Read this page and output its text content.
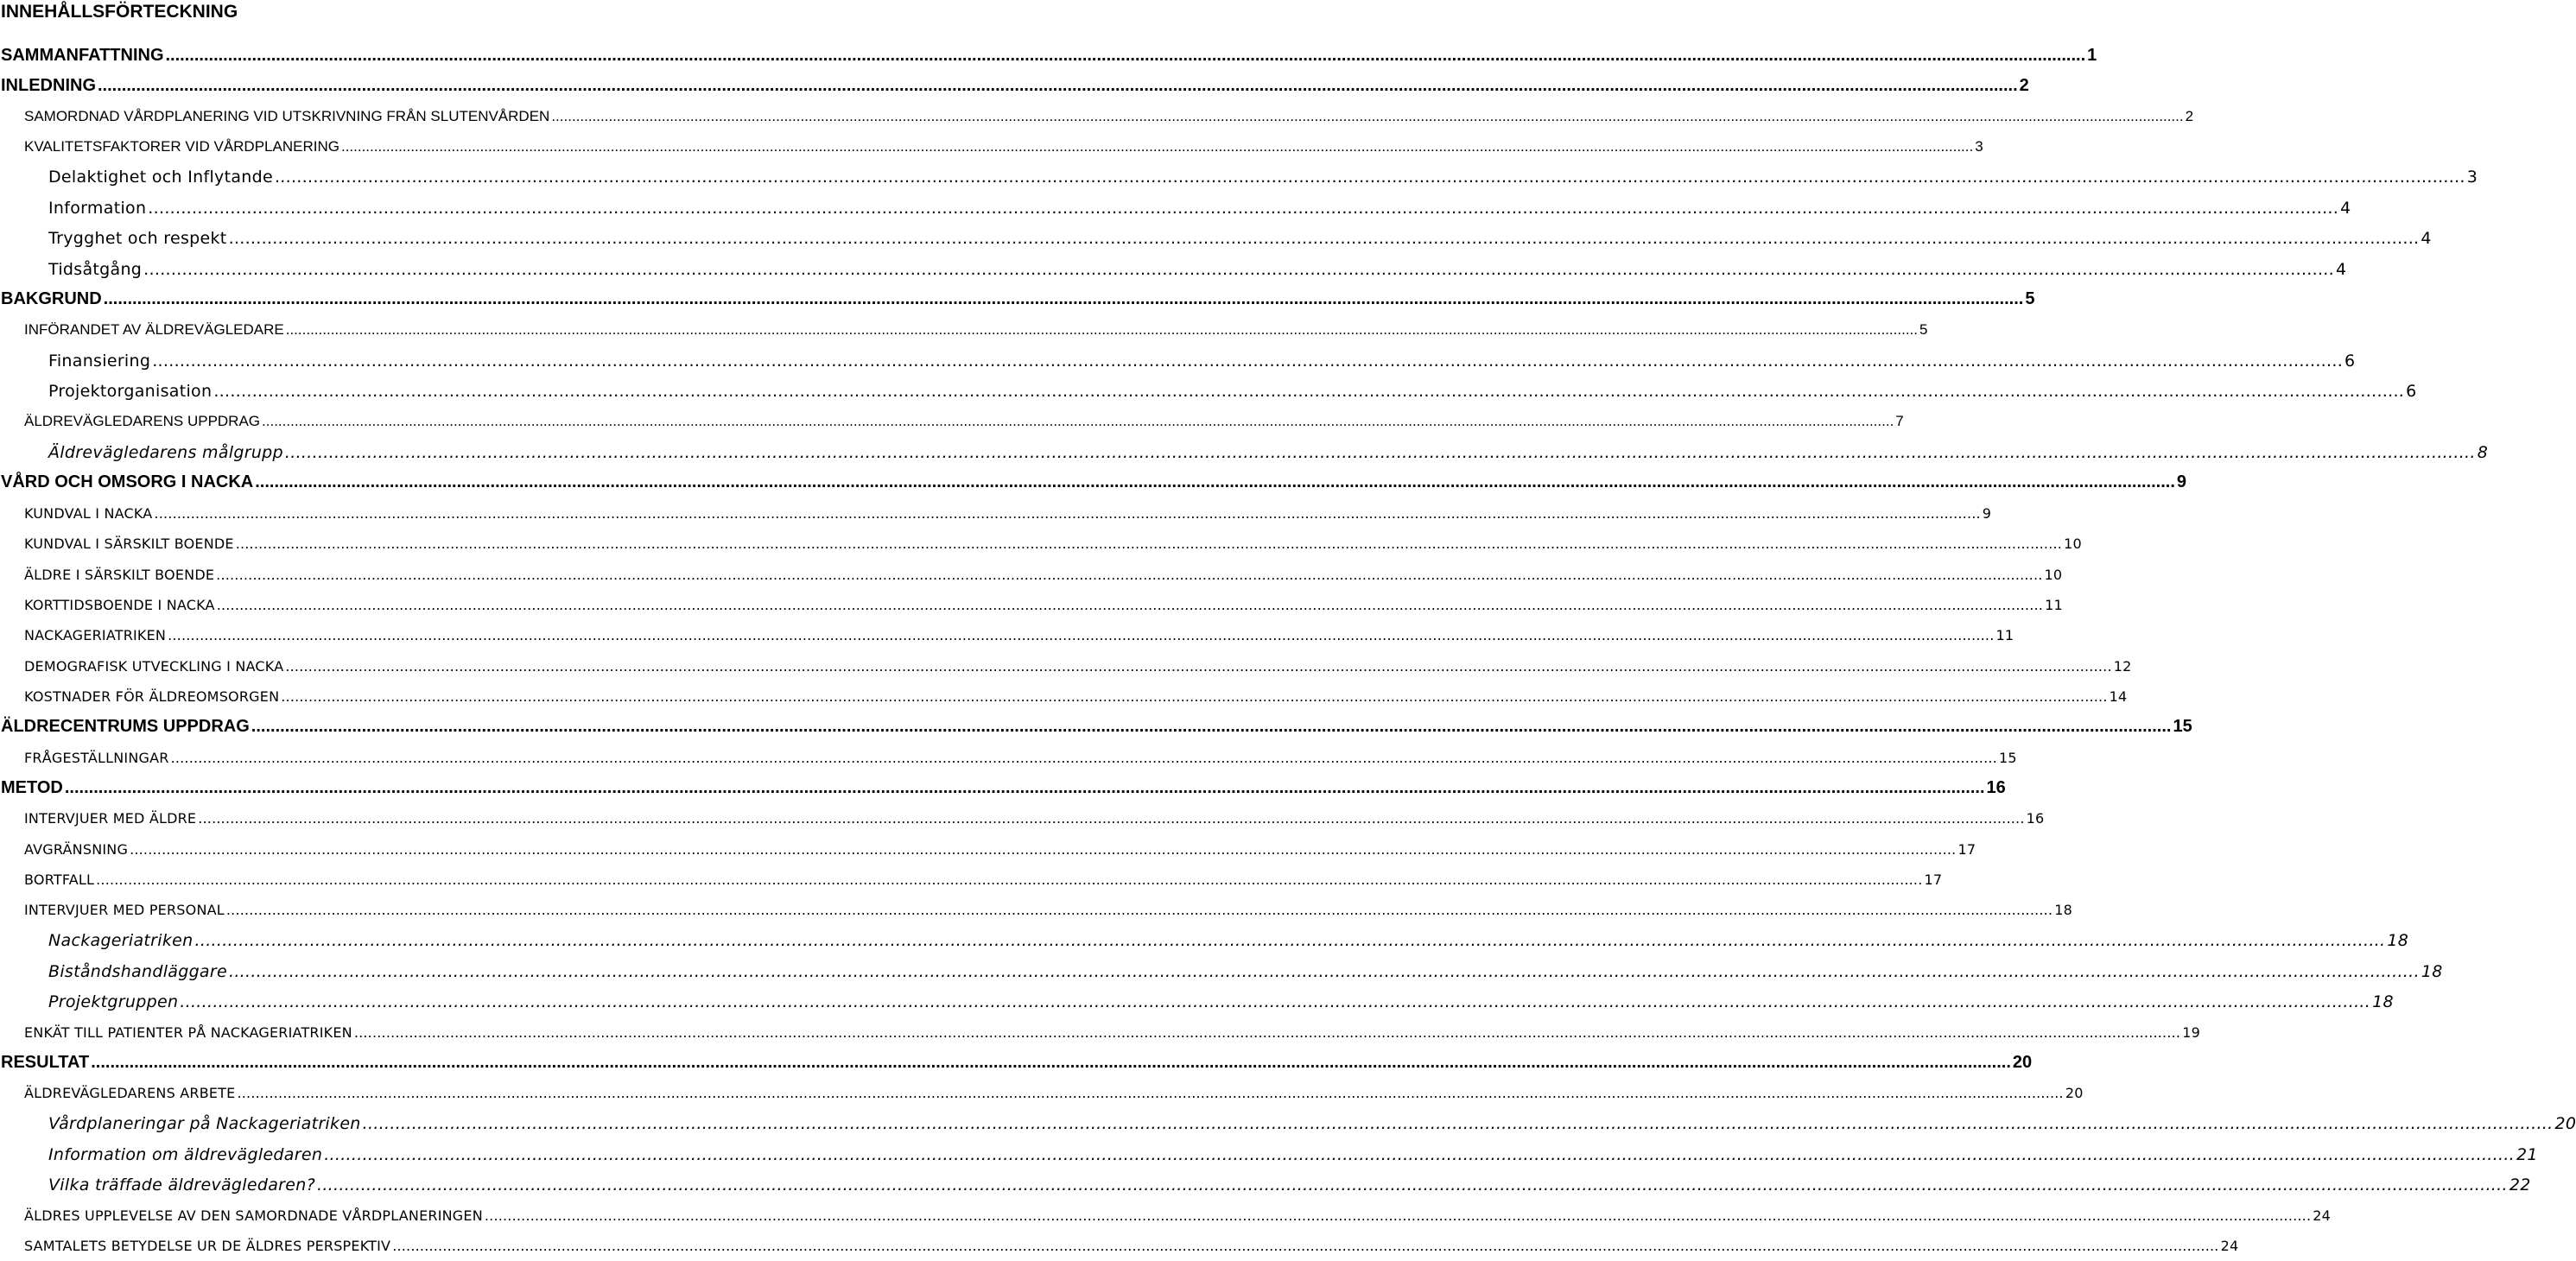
INNEHÅLLSFÖRTECKNING
SAMMANFATTNING ................................................................................................................................................................................................................................................................................................................................................................................................................ 1
INLEDNING ................................................................................................................................................................................................................................................................................................................................................................................................................ 2
SAMORDNAD VÅRDPLANERING VID UTSKRIVNING FRÅN SLUTENVÅRDEN ................................................................................................................................................................................................................................................................................................................................................................................................................ 2
KVALITETSFAKTORER VID VÅRDPLANERING ................................................................................................................................................................................................................................................................................................................................................................................................................ 3
Delaktighet och Inflytande ................................................................................................................................................................................................................................................................................................................................................................................................................ 3
Information ................................................................................................................................................................................................................................................................................................................................................................................................................ 4
Trygghet och respekt ................................................................................................................................................................................................................................................................................................................................................................................................................ 4
Tidsåtgång ................................................................................................................................................................................................................................................................................................................................................................................................................ 4
BAKGRUND ................................................................................................................................................................................................................................................................................................................................................................................................................ 5
INFÖRANDET AV ÄLDREVÄGLEDARE ................................................................................................................................................................................................................................................................................................................................................................................................................ 5
Finansiering ................................................................................................................................................................................................................................................................................................................................................................................................................ 6
Projektorganisation ................................................................................................................................................................................................................................................................................................................................................................................................................ 6
ÄLDREVÄGLEDARENS UPPDRAG ................................................................................................................................................................................................................................................................................................................................................................................................................ 7
Äldrevägledarens målgrupp ................................................................................................................................................................................................................................................................................................................................................................................................................ 8
VÅRD OCH OMSORG I NACKA ................................................................................................................................................................................................................................................................................................................................................................................................................ 9
KUNDVAL I NACKA ................................................................................................................................................................................................................................................................................................................................................................................................................ 9
KUNDVAL I SÄRSKILT BOENDE ................................................................................................................................................................................................................................................................................................................................................................................................................ 10
ÄLDRE I SÄRSKILT BOENDE ................................................................................................................................................................................................................................................................................................................................................................................................................ 10
KORTTIDSBOENDE I NACKA ................................................................................................................................................................................................................................................................................................................................................................................................................ 11
NACKAGERIATRIKEN ................................................................................................................................................................................................................................................................................................................................................................................................................ 11
DEMOGRAFISK UTVECKLING I NACKA ................................................................................................................................................................................................................................................................................................................................................................................................................ 12
KOSTNADER FÖR ÄLDREOMSORGEN ................................................................................................................................................................................................................................................................................................................................................................................................................ 14
ÄLDRECENTRUMS UPPDRAG ................................................................................................................................................................................................................................................................................................................................................................................................................ 15
FRÅGESTÄLLNINGAR ................................................................................................................................................................................................................................................................................................................................................................................................................ 15
METOD ................................................................................................................................................................................................................................................................................................................................................................................................................ 16
INTERVJUER MED ÄLDRE ................................................................................................................................................................................................................................................................................................................................................................................................................ 16
AVGRÄNSNING ................................................................................................................................................................................................................................................................................................................................................................................................................ 17
BORTFALL ................................................................................................................................................................................................................................................................................................................................................................................................................ 17
INTERVJUER MED PERSONAL ................................................................................................................................................................................................................................................................................................................................................................................................................ 18
Nackageriatriken ................................................................................................................................................................................................................................................................................................................................................................................................................ 18
Biståndshandläggare ................................................................................................................................................................................................................................................................................................................................................................................................................ 18
Projektgruppen ................................................................................................................................................................................................................................................................................................................................................................................................................ 18
ENKÄT TILL PATIENTER PÅ NACKAGERIATRIKEN ................................................................................................................................................................................................................................................................................................................................................................................................................ 19
RESULTAT ................................................................................................................................................................................................................................................................................................................................................................................................................ 20
ÄLDREVÄGLEDARENS ARBETE ................................................................................................................................................................................................................................................................................................................................................................................................................ 20
Vårdplaneringar på Nackageriatriken ................................................................................................................................................................................................................................................................................................................................................................................................................ 20
Information om äldrevägledaren ................................................................................................................................................................................................................................................................................................................................................................................................................ 21
Vilka träffade äldrevägledaren? ................................................................................................................................................................................................................................................................................................................................................................................................................ 22
ÄLDRES UPPLEVELSE AV DEN SAMORDNADE VÅRDPLANERINGEN ................................................................................................................................................................................................................................................................................................................................................................................................................ 24
SAMTALETS BETYDELSE UR DE ÄLDRES PERSPEKTIV ................................................................................................................................................................................................................................................................................................................................................................................................................ 24
